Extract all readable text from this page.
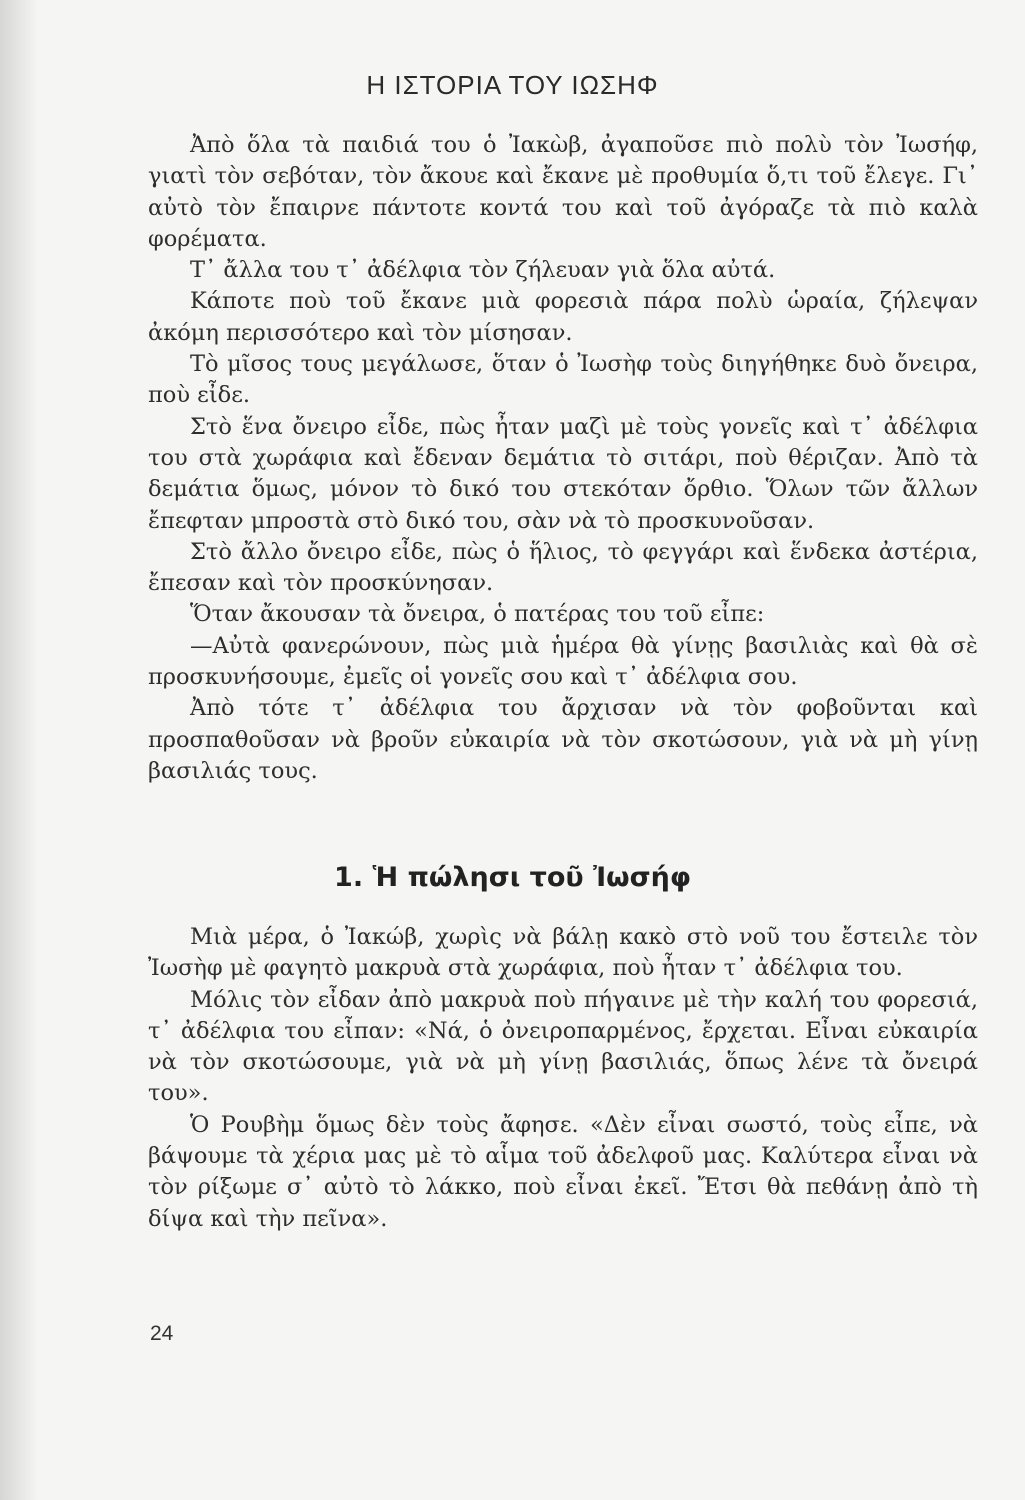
Η ΙΣΤΟΡΙΑ ΤΟΥ ΙΩΣΗΦ

Ἀπὸ ὅλα τὰ παιδιά του ὁ Ἰακὼβ, ἀγαποῦσε πιὸ πολὺ τὸν Ἰωσήφ, γιατὶ τὸν σεβόταν, τὸν ἄκουε καὶ ἔκανε μὲ προθυμία ὅ,τι τοῦ ἔλεγε. Γι᾿ αὐτὸ τὸν ἔπαιρνε πάντοτε κοντά του καὶ τοῦ ἀγόραζε τὰ πιὸ καλὰ φορέματα.

Τ᾿ ἄλλα του τ᾿ ἀδέλφια τὸν ζήλευαν γιὰ ὅλα αὐτά.

Κάποτε ποὺ τοῦ ἔκανε μιὰ φορεσιὰ πάρα πολὺ ὡραία, ζήλεψαν ἀκόμη περισσότερο καὶ τὸν μίσησαν.

Τὸ μῖσος τους μεγάλωσε, ὅταν ὁ Ἰωσὴφ τοὺς διηγήθηκε δυὸ ὄνειρα, ποὺ εἶδε.

Στὸ ἕνα ὄνειρο εἶδε, πὼς ἦταν μαζὶ μὲ τοὺς γονεῖς καὶ τ᾿ ἀδέλφια του στὰ χωράφια καὶ ἔδεναν δεμάτια τὸ σιτάρι, ποὺ θέριζαν. Ἀπὸ τὰ δεμάτια ὅμως, μόνον τὸ δικό του στεκόταν ὄρθιο. Ὅλων τῶν ἄλλων ἔπεφταν μπροστὰ στὸ δικό του, σὰν νὰ τὸ προσκυνοῦσαν.

Στὸ ἄλλο ὄνειρο εἶδε, πὼς ὁ ἥλιος, τὸ φεγγάρι καὶ ἕνδεκα ἀστέρια, ἔπεσαν καὶ τὸν προσκύνησαν.

Ὅταν ἄκουσαν τὰ ὄνειρα, ὁ πατέρας του τοῦ εἶπε:

—Αὐτὰ φανερώνουν, πὼς μιὰ ἡμέρα θὰ γίνῃς βασιλιὰς καὶ θὰ σὲ προσκυνήσουμε, ἐμεῖς οἱ γονεῖς σου καὶ τ᾿ ἀδέλφια σου.

Ἀπὸ τότε τ᾿ ἀδέλφια του ἄρχισαν νὰ τὸν φοβοῦνται καὶ προσπαθοῦσαν νὰ βροῦν εὐκαιρία νὰ τὸν σκοτώσουν, γιὰ νὰ μὴ γίνῃ βασιλιάς τους.

1. Ἡ πώλησι τοῦ Ἰωσήφ

Μιὰ μέρα, ὁ Ἰακώβ, χωρὶς νὰ βάλῃ κακὸ στὸ νοῦ του ἔστειλε τὸν Ἰωσὴφ μὲ φαγητὸ μακρυὰ στὰ χωράφια, ποὺ ἦταν τ᾿ ἀδέλφια του.

Μόλις τὸν εἶδαν ἀπὸ μακρυὰ ποὺ πήγαινε μὲ τὴν καλή του φορεσιά, τ᾿ ἀδέλφια του εἶπαν: «Νά, ὁ ὀνειροπαρμένος, ἔρχεται. Εἶναι εὐκαιρία νὰ τὸν σκοτώσουμε, γιὰ νὰ μὴ γίνῃ βασιλιάς, ὅπως λένε τὰ ὄνειρά του».

Ὁ Ρουβὴμ ὅμως δὲν τοὺς ἄφησε. «Δὲν εἶναι σωστό, τοὺς εἶπε, νὰ βάψουμε τὰ χέρια μας μὲ τὸ αἷμα τοῦ ἀδελφοῦ μας. Καλύτερα εἶναι νὰ τὸν ρίξωμε σ᾿ αὐτὸ τὸ λάκκο, ποὺ εἶναι ἐκεῖ. Ἔτσι θὰ πεθάνῃ ἀπὸ τὴ δίψα καὶ τὴν πεῖνα».

24
